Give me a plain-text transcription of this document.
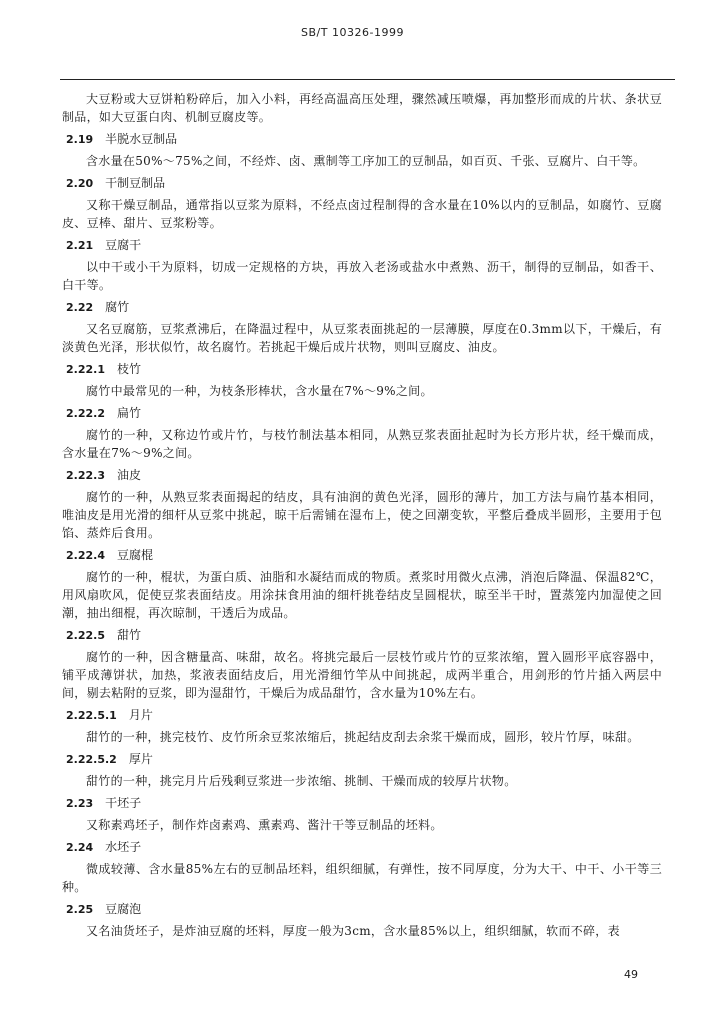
SB/T 10326-1999

大豆粉或大豆饼粕粉碎后，加入小料，再经高温高压处理，骤然减压喷爆，再加整形而成的片状、条状豆制品，如大豆蛋白肉、机制豆腐皮等。

2.19 半脱水豆制品

含水量在50%～75%之间，不经炸、卤、熏制等工序加工的豆制品，如百页、千张、豆腐片、白干等。

2.20 干制豆制品

又称干燥豆制品，通常指以豆浆为原料，不经点卤过程制得的含水量在10%以内的豆制品，如腐竹、豆腐皮、豆棒、甜片、豆浆粉等。

2.21 豆腐干

以中干或小干为原料，切成一定规格的方块，再放入老汤或盐水中煮熟、沥干，制得的豆制品，如香干、白干等。

2.22 腐竹

又名豆腐筋，豆浆煮沸后，在降温过程中，从豆浆表面挑起的一层薄膜，厚度在0.3mm以下，干燥后，有淡黄色光泽，形状似竹，故名腐竹。若挑起干燥后成片状物，则叫豆腐皮、油皮。

2.22.1 枝竹

腐竹中最常见的一种，为枝条形棒状，含水量在7%～9%之间。

2.22.2 扁竹

腐竹的一种，又称边竹或片竹，与枝竹制法基本相同，从熟豆浆表面扯起时为长方形片状，经干燥而成，含水量在7%～9%之间。

2.22.3 油皮

腐竹的一种，从熟豆浆表面揭起的结皮，具有油润的黄色光泽，圆形的薄片，加工方法与扁竹基本相同，唯油皮是用光滑的细杆从豆浆中挑起，晾干后需铺在湿布上，使之回潮变软，平整后叠成半圆形，主要用于包馅、蒸炸后食用。

2.22.4 豆腐棍

腐竹的一种，棍状，为蛋白质、油脂和水凝结而成的物质。煮浆时用微火点沸，消泡后降温、保温82℃，用风扇吹风，促使豆浆表面结皮。用涂抹食用油的细杆挑卷结皮呈圆棍状，晾至半干时，置蒸笼内加湿使之回潮，抽出细棍，再次晾制，干透后为成品。

2.22.5 甜竹

腐竹的一种，因含糖量高、味甜，故名。将挑完最后一层枝竹或片竹的豆浆浓缩，置入圆形平底容器中，铺平成薄饼状，加热，浆液表面结皮后，用光滑细竹竿从中间挑起，成两半重合，用剑形的竹片插入两层中间，剔去粘附的豆浆，即为湿甜竹，干燥后为成品甜竹，含水量为10%左右。

2.22.5.1 月片

甜竹的一种，挑完枝竹、皮竹所余豆浆浓缩后，挑起结皮刮去余浆干燥而成，圆形，较片竹厚，味甜。

2.22.5.2 厚片

甜竹的一种，挑完月片后残剩豆浆进一步浓缩、挑制、干燥而成的较厚片状物。

2.23 干坯子

又称素鸡坯子，制作炸卤素鸡、熏素鸡、酱汁干等豆制品的坯料。

2.24 水坯子

微成较薄、含水量85%左右的豆制品坯料，组织细腻，有弹性，按不同厚度，分为大干、中干、小干等三种。

2.25 豆腐泡

又名油货坯子，是炸油豆腐的坯料，厚度一般为3cm，含水量85%以上，组织细腻，软而不碎，表

49
